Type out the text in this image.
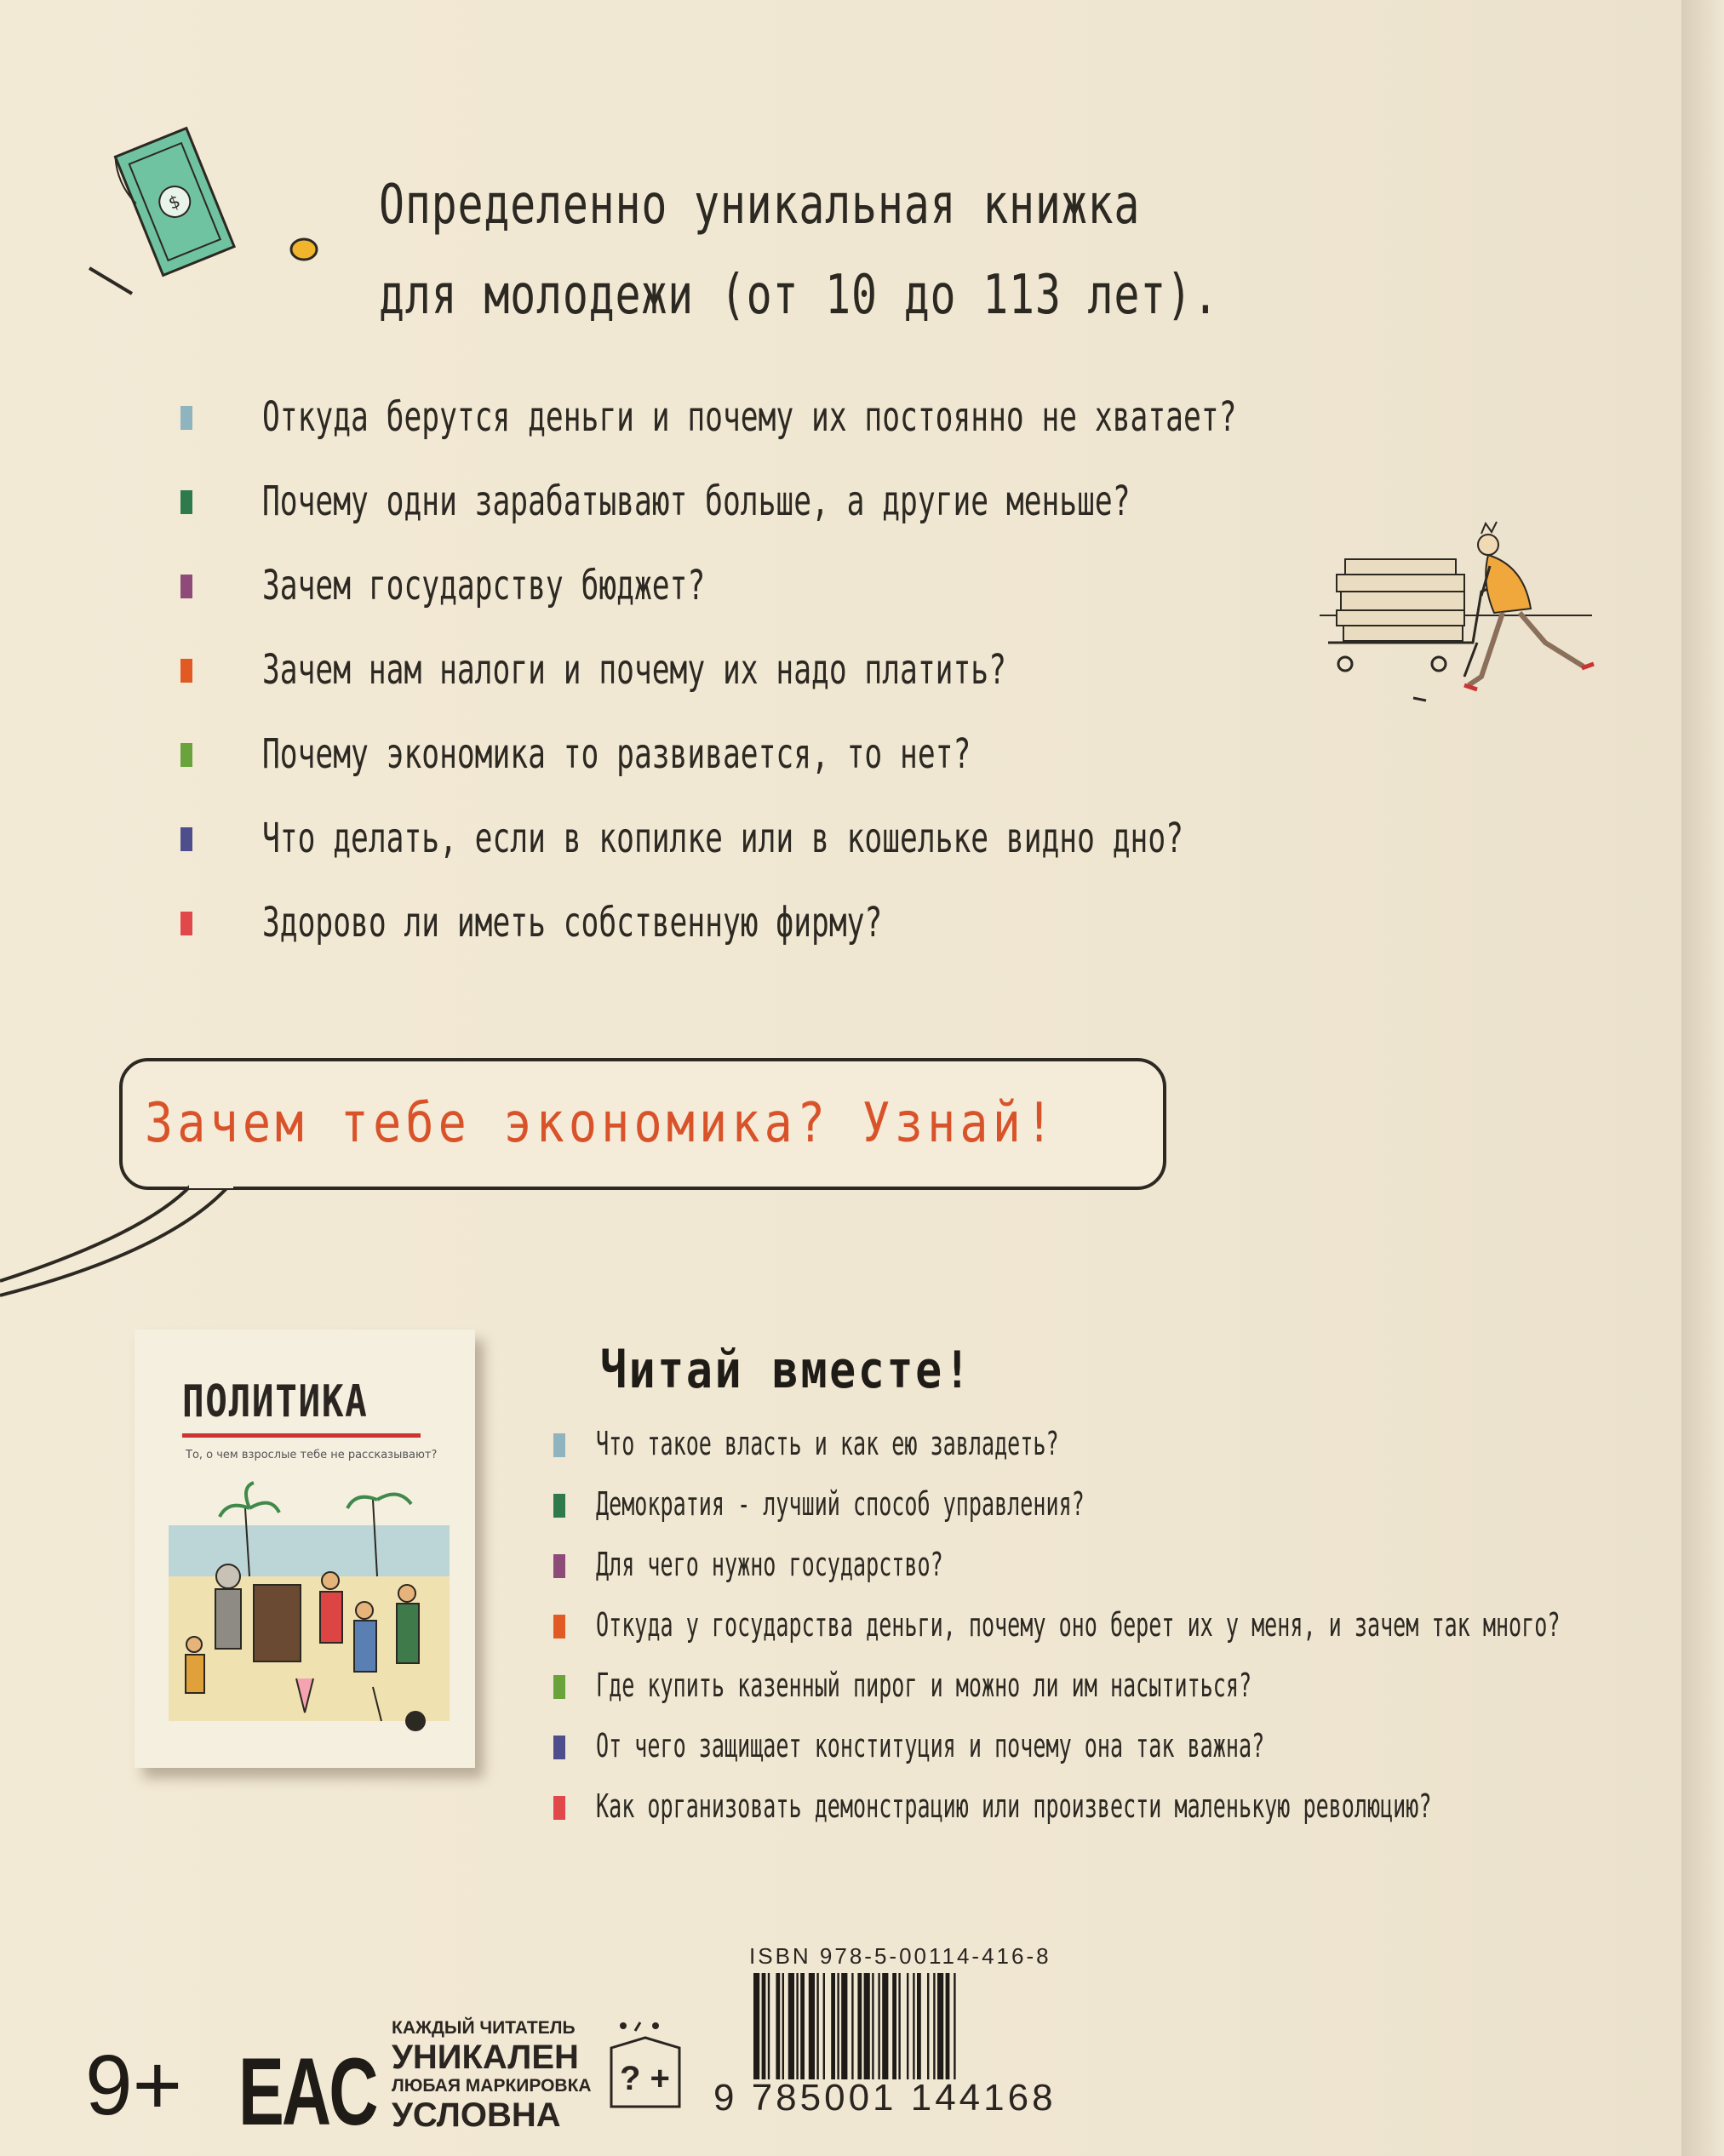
$	Определенно уникальная книжка
для молодежи (от 10 до 113 лет).
Откуда берутся деньги и почему их постоянно не хватает?
Почему одни зарабатывают больше, а другие меньше?
Зачем государству бюджет?
Зачем нам налоги и почему их надо платить?
Почему экономика то развивается, то нет?
Что делать, если в копилке или в кошельке видно дно?
Здорово ли иметь собственную фирму?
Зачем тебе экономика? Узнай!
ПОЛИТИКА
То, о чем взрослые тебе не рассказывают?
Читай вместе!
Что такое власть и как ею завладеть?
Демократия - лучший способ управления?
Для чего нужно государство?
Откуда у государства деньги, почему оно берет их у меня, и зачем так много?
Где купить казенный пирог и можно ли им насытиться?
От чего защищает конституция и почему она так важна?
Как организовать демонстрацию или произвести маленькую революцию?
9+ EAC
КАЖДЫЙ ЧИТАТЕЛЬ
УНИКАЛЕН
ЛЮБАЯ МАРКИРОВКА
УСЛОВНА
? +
ISBN 978-5-00114-416-8
9 785001 144168
